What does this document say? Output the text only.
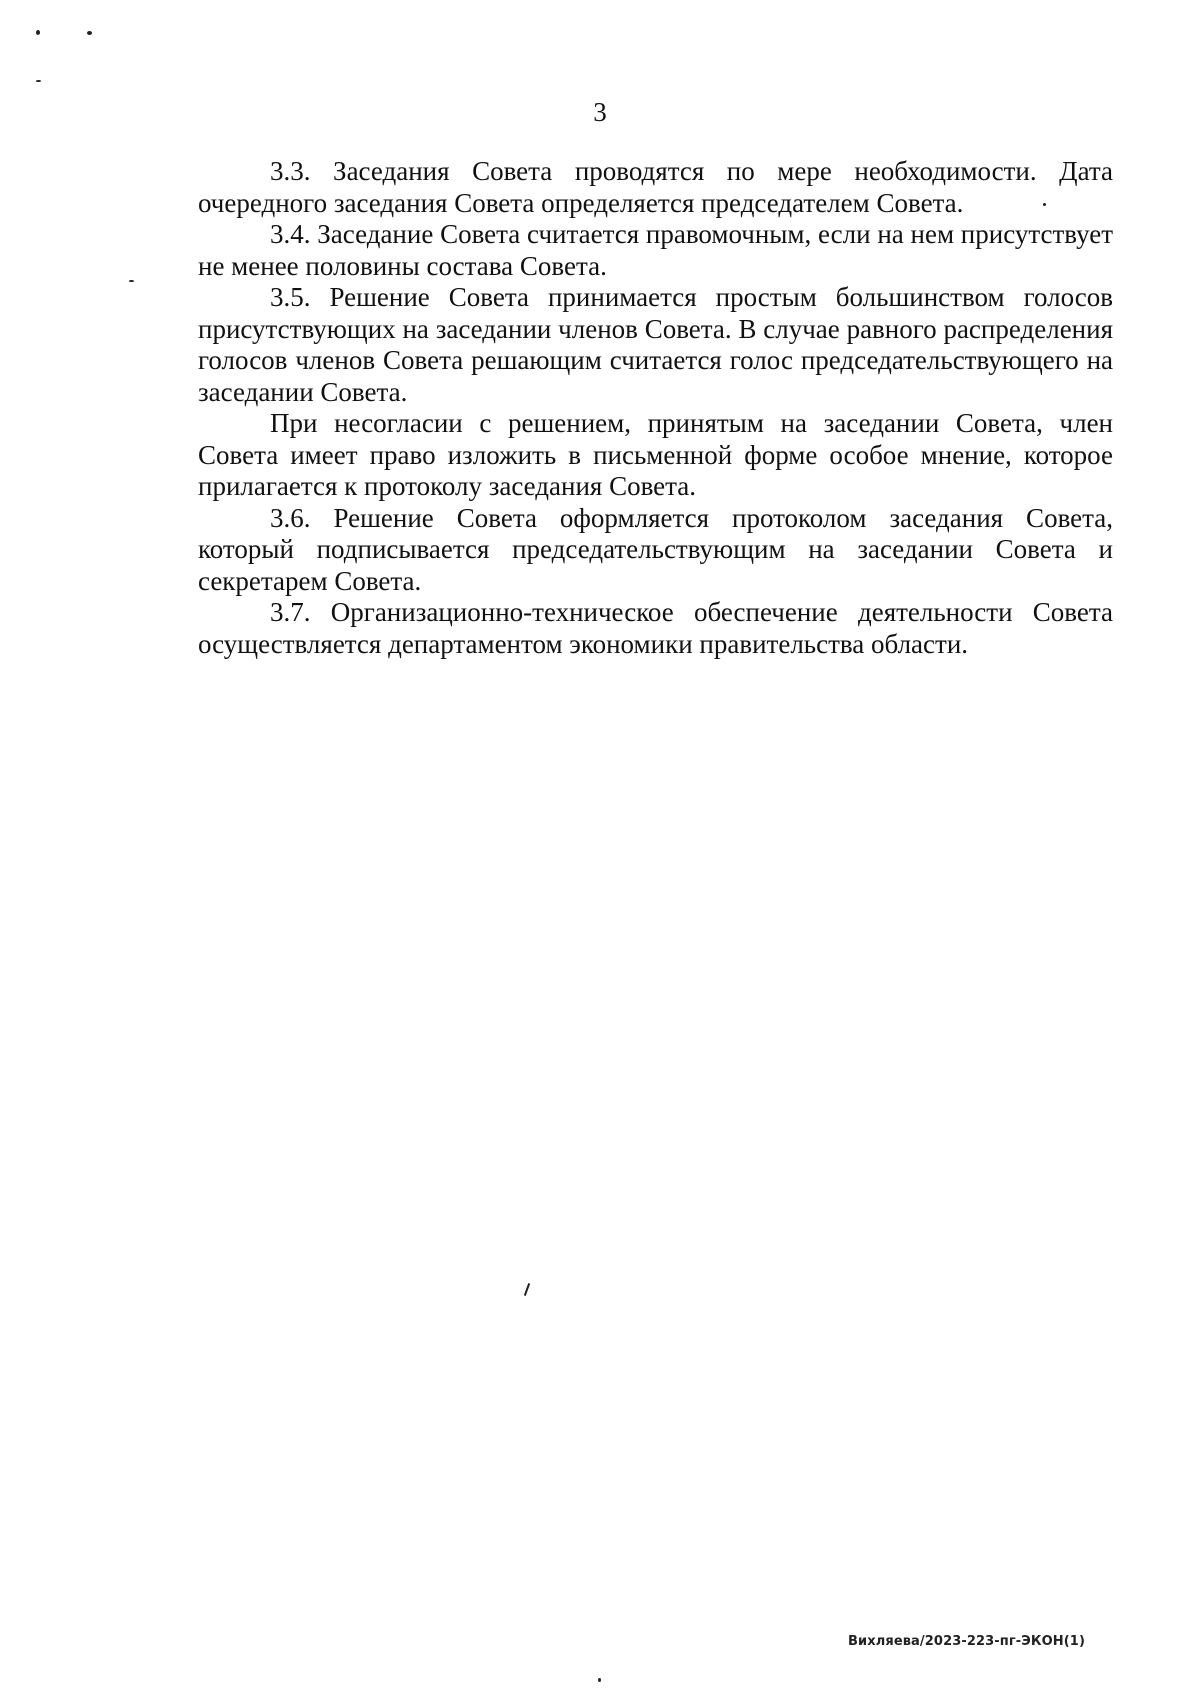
3

3.3. Заседания Совета проводятся по мере необходимости. Дата очередного заседания Совета определяется председателем Совета.

3.4. Заседание Совета считается правомочным, если на нем присутствует не менее половины состава Совета.

3.5. Решение Совета принимается простым большинством голосов присутствующих на заседании членов Совета. В случае равного распределения голосов членов Совета решающим считается голос председательствующего на заседании Совета.

При несогласии с решением, принятым на заседании Совета, член Совета имеет право изложить в письменной форме особое мнение, которое прилагается к протоколу заседания Совета.

3.6. Решение Совета оформляется протоколом заседания Совета, который подписывается председательствующим на заседании Совета и секретарем Совета.

3.7. Организационно-техническое обеспечение деятельности Совета осуществляется департаментом экономики правительства области.

Вихляева/2023-223-пг-ЭКОН(1)
